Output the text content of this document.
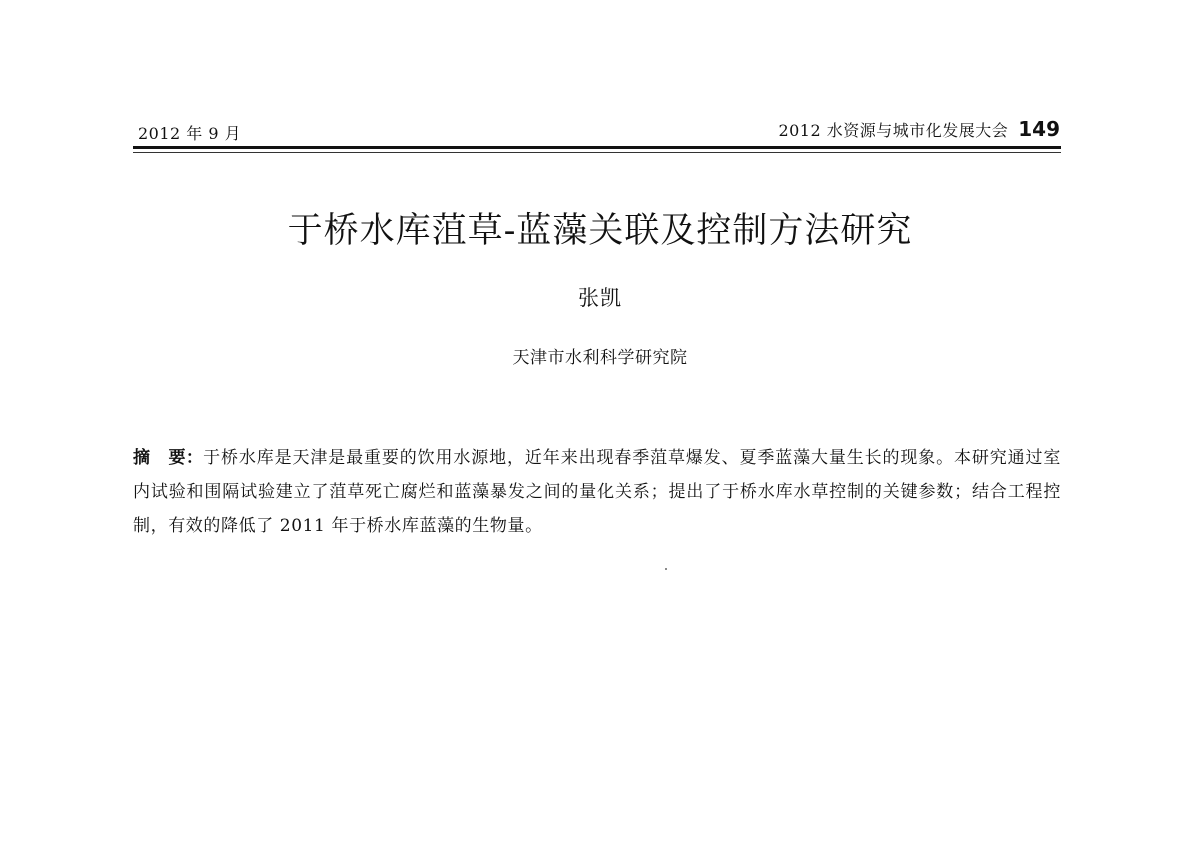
2012 年 9 月	2012 水资源与城市化发展大会 149
于桥水库菹草-蓝藻关联及控制方法研究
张凯
天津市水利科学研究院
摘 要：于桥水库是天津是最重要的饮用水源地，近年来出现春季菹草爆发、夏季蓝藻大量生长的现象。本研究通过室内试验和围隔试验建立了菹草死亡腐烂和蓝藻暴发之间的量化关系；提出了于桥水库水草控制的关键参数；结合工程控制，有效的降低了 2011 年于桥水库蓝藻的生物量。
